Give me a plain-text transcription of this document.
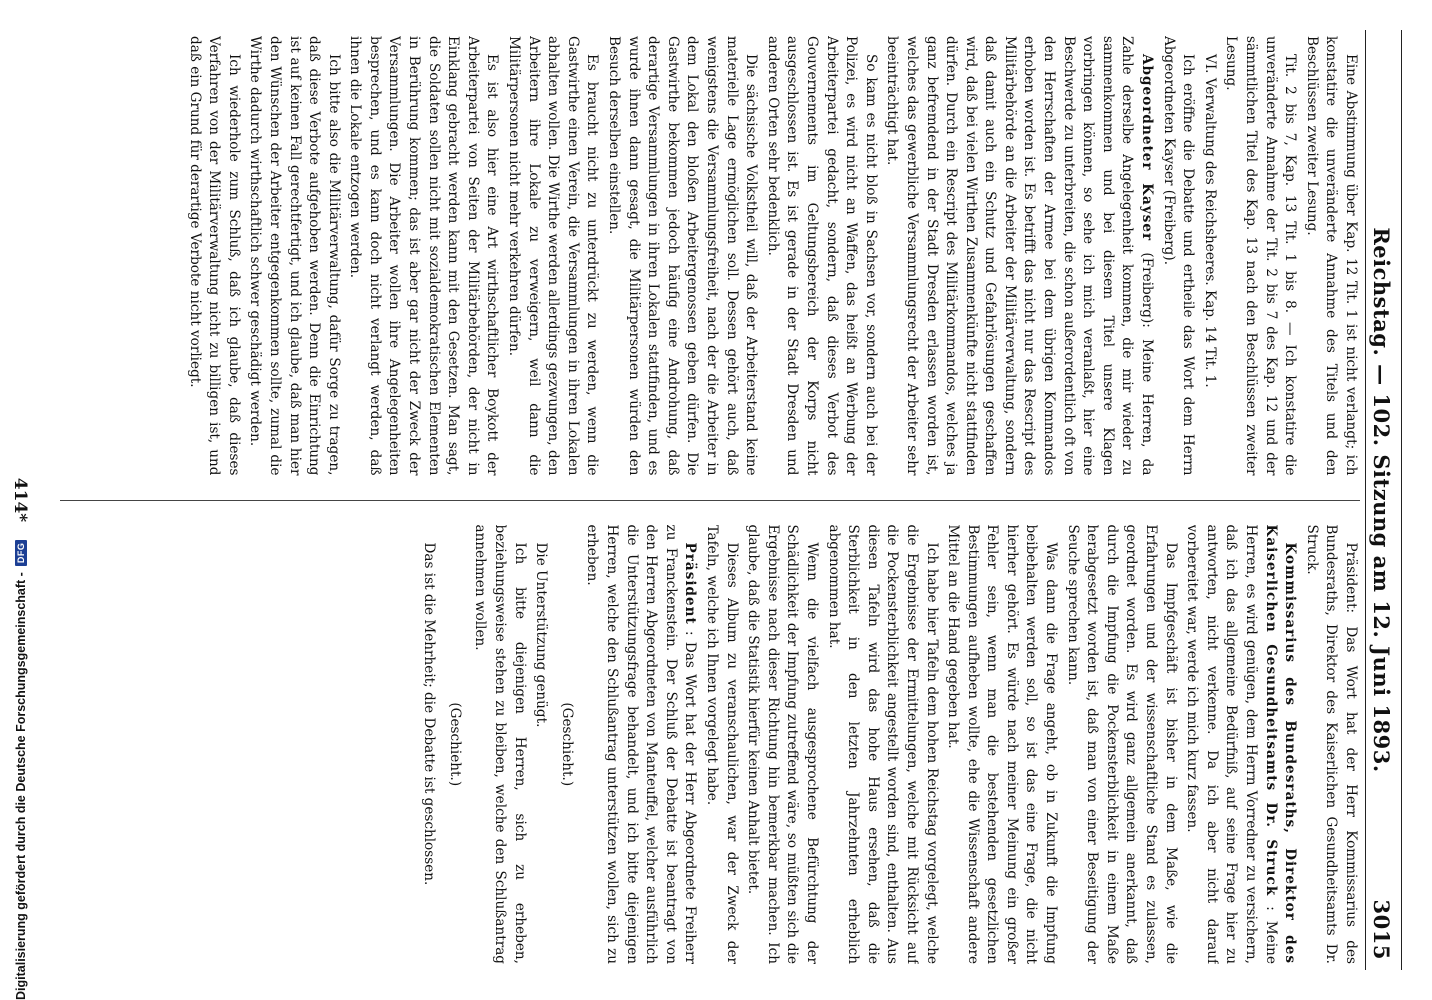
Reichstag. — 102. Sitzung am 12. Juni 1893.
3015

Eine Abstimmung über Kap. 12 Tit. 1 ist nicht verlangt; ich konstatire die unveränderte Annahme des Titels und den Beschlüssen zweiter Lesung.

Tit. 2 bis 7, Kap. 13 Tit. 1 bis 8. — Ich konstatire die unveränderte Annahme der Tit. 2 bis 7 des Kap. 12 und der sämmtlichen Titel des Kap. 13 nach den Beschlüssen zweiter Lesung.

VI. Verwaltung des Reichsheeres. Kap. 14 Tit. 1.

Ich eröffne die Debatte und ertheile das Wort dem Herrn Abgeordneten Kayser (Freiberg).

Abgeordneter Kayser (Freiberg): Meine Herren, da Zahle derselbe Angelegenheit kommen, die mir wieder zu sammenkommen und bei diesem Titel unsere Klagen vorbringen können, so sehe ich mich veranlaßt, hier eine Beschwerde zu unterbreiten, die schon außerordentlich oft von den Herrschaften der Armee bei dem übrigen Kommandos erhoben worden ist. Es betrifft das nicht nur das Rescript des Militärbehörde an die Arbeiter der Militärverwaltung, sondern daß damit auch ein Schutz und Gefahrlösungen geschaffen wird, daß bei vielen Wirthen Zusammenkünfte nicht stattfinden dürfen. Durch ein Rescript des Militärkommandos, welches ja ganz befremdend in der Stadt Dresden erlassen worden ist, welches das gewerbliche Versammlungsrecht der Arbeiter sehr beeinträchtigt hat.

So kam es nicht bloß in Sachsen vor, sondern auch bei der Polizei, es wird nicht an Waffen, das heißt an Werbung der Arbeiterpartei gedacht, sondern, daß dieses Verbot des Gouvernements im Geltungsbereich der Korps nicht ausgeschlossen ist. Es ist gerade in der Stadt Dresden und anderen Orten sehr bedenklich.

Die sächsische Volkstheil will, daß der Arbeiterstand keine materielle Lage ermöglichen soll. Dessen gehört auch, daß wenigstens die Versammlungsfreiheit, nach der die Arbeiter in dem Lokal den bloßen Arbeitergenossen geben dürfen. Die Gastwirthe bekommen jedoch häufig eine Androhung, daß derartige Versammlungen in ihren Lokalen stattfinden, und es wurde ihnen dann gesagt, die Militärpersonen würden den Besuch derselben einstellen.

Es braucht nicht zu unterdrückt zu werden, wenn die Gastwirthe einen Verein, die Versammlungen in ihren Lokalen abhalten wollen. Die Wirthe werden allerdings gezwungen, den Arbeitern ihre Lokale zu verweigern, weil dann die Militärpersonen nicht mehr verkehren dürfen.

Es ist also hier eine Art wirthschaftlicher Boykott der Arbeiterpartei von Seiten der Militärbehörden, der nicht in Einklang gebracht werden kann mit den Gesetzen. Man sagt, die Soldaten sollen nicht mit sozialdemokratischen Elementen in Berührung kommen; das ist aber gar nicht der Zweck der Versammlungen. Die Arbeiter wollen ihre Angelegenheiten besprechen, und es kann doch nicht verlangt werden, daß ihnen die Lokale entzogen werden.

Ich bitte also die Militärverwaltung, dafür Sorge zu tragen, daß diese Verbote aufgehoben werden. Denn die Einrichtung ist auf keinen Fall gerechtfertigt, und ich glaube, daß man hier den Wünschen der Arbeiter entgegenkommen sollte, zumal die Wirthe dadurch wirthschaftlich schwer geschädigt werden.

Ich wiederhole zum Schluß, daß ich glaube, daß dieses Verfahren von der Militärverwaltung nicht zu billigen ist, und daß ein Grund für derartige Verbote nicht vorliegt.

Präsident: Das Wort hat der Herr Kommissarius des Bundesraths, Direktor des Kaiserlichen Gesundheitsamts Dr. Struck.

Kommissarius des Bundesraths, Direktor des Kaiserlichen Gesundheitsamts Dr. Struck : Meine Herren, es wird genügen, dem Herrn Vorredner zu versichern, daß ich das allgemeine Bedürfniß, auf seine Frage hier zu antworten, nicht verkenne. Da ich aber nicht darauf vorbereitet war, werde ich mich kurz fassen.

Das Impfgeschäft ist bisher in dem Maße, wie die Erfahrungen und der wissenschaftliche Stand es zulassen, geordnet worden. Es wird ganz allgemein anerkannt, daß durch die Impfung die Pockensterblichkeit in einem Maße herabgesetzt worden ist, daß man von einer Beseitigung der Seuche sprechen kann.

Was dann die Frage angeht, ob in Zukunft die Impfung beibehalten werden soll, so ist das eine Frage, die nicht hierher gehört. Es würde nach meiner Meinung ein großer Fehler sein, wenn man die bestehenden gesetzlichen Bestimmungen aufheben wollte, ehe die Wissenschaft andere Mittel an die Hand gegeben hat.

Ich habe hier Tafeln dem hohen Reichstag vorgelegt, welche die Ergebnisse der Ermittelungen, welche mit Rücksicht auf die Pockensterblichkeit angestellt worden sind, enthalten. Aus diesen Tafeln wird das hohe Haus ersehen, daß die Sterblichkeit in den letzten Jahrzehnten erheblich abgenommen hat.

Wenn die vielfach ausgesprochene Befürchtung der Schädlichkeit der Impfung zutreffend wäre, so müßten sich die Ergebnisse nach dieser Richtung hin bemerkbar machen. Ich glaube, daß die Statistik hierfür keinen Anhalt bietet.

Dieses Album zu veranschaulichen, war der Zweck der Tafeln, welche ich Ihnen vorgelegt habe.

Präsident : Das Wort hat der Herr Abgeordnete Freiherr zu Franckenstein. Der Schluß der Debatte ist beantragt von den Herren Abgeordneten von Manteuffel, welcher ausführlich die Unterstützungsfrage behandelt, und ich bitte diejenigen Herren, welche den Schlußantrag unterstützen wollen, sich zu erheben.

(Geschieht.)

Die Unterstützung genügt.

Ich bitte diejenigen Herren, sich zu erheben, beziehungsweise stehen zu bleiben, welche den Schlußantrag annehmen wollen.

(Geschieht.)

Das ist die Mehrheit; die Debatte ist geschlossen.

414*
Digitalisierung gefördert durch die Deutsche Forschungsgemeinschaft -
DFG
